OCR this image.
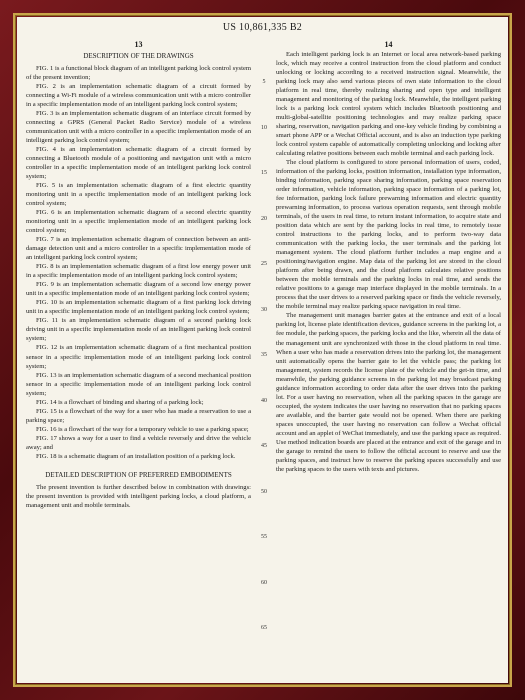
US 10,861,335 B2
13
DESCRIPTION OF THE DRAWINGS

FIG. 1 is a functional block diagram of an intelligent parking lock control system of the present invention;

FIG. 2 is an implementation schematic diagram of a circuit formed by connecting a Wi-Fi module of a wireless communication unit with a micro controller in a specific implementation mode of an intelligent parking lock control system;

FIG. 3 is an implementation schematic diagram of an interface circuit formed by connecting a GPRS (General Packet Radio Service) module of a wireless communication unit with a micro controller in a specific implementation mode of an intelligent parking lock control system;

FIG. 4 is an implementation schematic diagram of a circuit formed by connecting a Bluetooth module of a positioning and navigation unit with a micro controller in a specific implementation mode of an intelligent parking lock control system;

FIG. 5 is an implementation schematic diagram of a first electric quantity monitoring unit in a specific implementation mode of an intelligent parking lock control system;

FIG. 6 is an implementation schematic diagram of a second electric quantity monitoring unit in a specific implementation mode of an intelligent parking lock control system;

FIG. 7 is an implementation schematic diagram of connection between an anti-damage detection unit and a micro controller in a specific implementation mode of an intelligent parking lock control system;

FIG. 8 is an implementation schematic diagram of a first low energy power unit in a specific implementation mode of an intelligent parking lock control system;

FIG. 9 is an implementation schematic diagram of a second low energy power unit in a specific implementation mode of an intelligent parking lock control system;

FIG. 10 is an implementation schematic diagram of a first parking lock driving unit in a specific implementation mode of an intelligent parking lock control system;

FIG. 11 is an implementation schematic diagram of a second parking lock driving unit in a specific implementation mode of an intelligent parking lock control system;

FIG. 12 is an implementation schematic diagram of a first mechanical position sensor in a specific implementation mode of an intelligent parking lock control system;

FIG. 13 is an implementation schematic diagram of a second mechanical position sensor in a specific implementation mode of an intelligent parking lock control system;

FIG. 14 is a flowchart of binding and sharing of a parking lock;

FIG. 15 is a flowchart of the way for a user who has made a reservation to use a parking space;

FIG. 16 is a flowchart of the way for a temporary vehicle to use a parking space;

FIG. 17 shows a way for a user to find a vehicle reversely and drive the vehicle away; and

FIG. 18 is a schematic diagram of an installation position of a parking lock.

DETAILED DESCRIPTION OF PREFERRED EMBODIMENTS

The present invention is further described below in combination with drawings: the present invention is provided with intelligent parking locks, a cloud platform, a management unit and mobile terminals.

5
10
15
20
25
30
35
40
45
50
55
60
65
14

Each intelligent parking lock is an Internet or local area network-based parking lock, which may receive a control instruction from the cloud platform and conduct unlocking or locking according to a received instruction signal. Meanwhile, the parking lock may also send various pieces of own state information to the cloud platform in real time, thereby realizing sharing and open type and intelligent management and monitoring of the parking lock. Meanwhile, the intelligent parking lock is a parking lock control system which includes Bluetooth positioning and multi-global-satellite positioning technologies and may realize parking space sharing, reservation, navigation parking and one-key vehicle finding by combining a smart phone APP or a Wechat Official account, and is also an induction type parking lock control system capable of automatically completing unlocking and locking after calculating relative positions between each mobile terminal and each parking lock.

The cloud platform is configured to store personal information of users, coded, information of the parking locks, position information, installation type information, binding information, parking space sharing information, parking space reservation order information, vehicle information, parking space information of a parking lot, fee information, parking lock failure prewarning information and electric quantity prewarning information, to process various operation requests, sent through mobile terminals, of the users in real time, to return instant information, to acquire state and position data which are sent by the parking locks in real time, to remotely issue control instructions to the parking locks, and to perform two-way data communication with the parking locks, the user terminals and the parking lot management system. The cloud platform further includes a map engine and a positioning/navigation engine. Map data of the parking lot are stored in the cloud platform after being drawn, and the cloud platform calculates relative positions between the mobile terminals and the parking locks in real time, and sends the relative positions to a garage map interface displayed in the mobile terminals. In a process that the user drives to a reserved parking space or finds the vehicle reversely, the mobile terminal may realize parking space navigation in real time.

The management unit manages barrier gates at the entrance and exit of a local parking lot, license plate identification devices, guidance screens in the parking lot, a fee module, the parking spaces, the parking locks and the like, wherein all the data of the management unit are synchronized with those in the cloud platform in real time. When a user who has made a reservation drives into the parking lot, the management unit automatically opens the barrier gate to let the vehicle pass; the parking lot management, system records the license plate of the vehicle and the get-in time, and meanwhile, the parking guidance screens in the parking lot may broadcast parking guidance information according to order data after the user drives into the parking lot. For a user having no reservation, when all the parking spaces in the garage are occupied, the system indicates the user having no reservation that no parking spaces are available, and the barrier gate would not be opened. When there are parking spaces unoccupied, the user having no reservation can follow a Wechat official account and an applet of WeChat immediately, and use the parking space as required. Use method indication boards are placed at the entrance and exit of the garage and in the garage to remind the users to follow the official account to reserve and use the parking spaces, and instruct how to reserve the parking spaces successfully and use the parking spaces to the users with texts and pictures.
